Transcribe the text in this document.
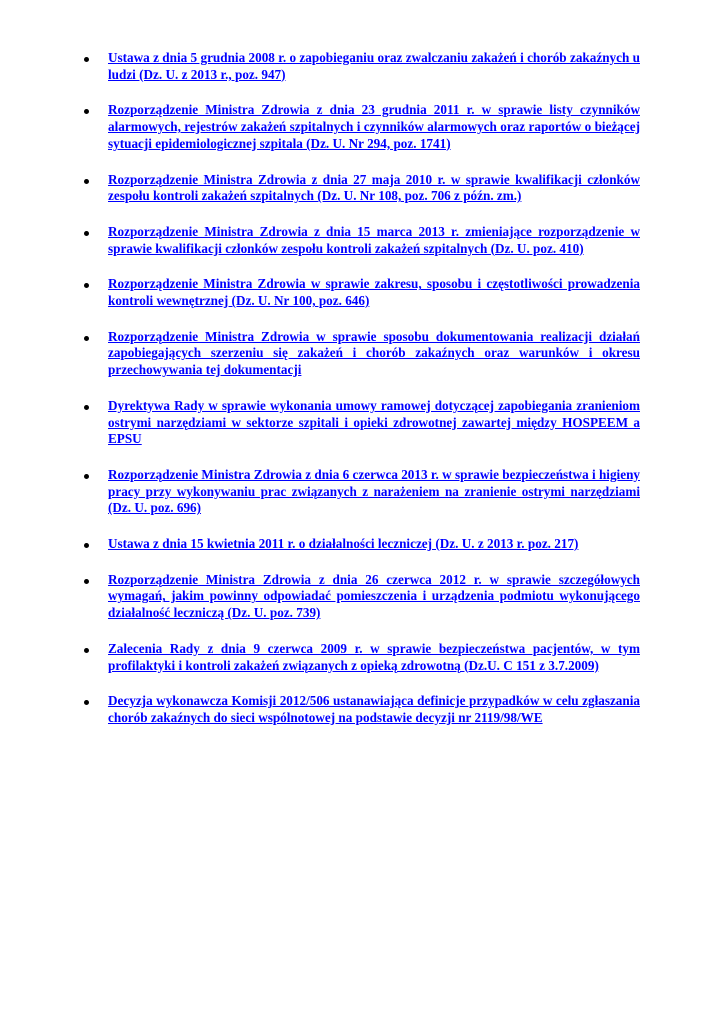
Ustawa z dnia 5 grudnia 2008 r. o zapobieganiu oraz zwalczaniu zakażeń i chorób zakaźnych u ludzi (Dz. U. z 2013 r., poz. 947)
Rozporządzenie Ministra Zdrowia z dnia 23 grudnia 2011 r. w sprawie listy czynników alarmowych, rejestrów zakażeń szpitalnych i czynników alarmowych oraz raportów o bieżącej sytuacji epidemiologicznej szpitala (Dz. U. Nr 294, poz. 1741)
Rozporządzenie Ministra Zdrowia z dnia 27 maja 2010 r. w sprawie kwalifikacji członków zespołu kontroli zakażeń szpitalnych (Dz. U. Nr 108, poz. 706 z późn. zm.)
Rozporządzenie Ministra Zdrowia z dnia 15 marca 2013 r. zmieniające rozporządzenie w sprawie kwalifikacji członków zespołu kontroli zakażeń szpitalnych (Dz. U. poz. 410)
Rozporządzenie Ministra Zdrowia w sprawie zakresu, sposobu i częstotliwości prowadzenia kontroli wewnętrznej (Dz. U. Nr 100, poz. 646)
Rozporządzenie Ministra Zdrowia w sprawie sposobu dokumentowania realizacji działań zapobiegających szerzeniu się zakażeń i chorób zakaźnych oraz warunków i okresu przechowywania tej dokumentacji
Dyrektywa Rady w sprawie wykonania umowy ramowej dotyczącej zapobiegania zranieniom ostrymi narzędziami w sektorze szpitali i opieki zdrowotnej zawartej między HOSPEEM a EPSU
Rozporządzenie Ministra Zdrowia z dnia 6 czerwca 2013 r. w sprawie bezpieczeństwa i higieny pracy przy wykonywaniu prac związanych z narażeniem na zranienie ostrymi narzędziami (Dz. U. poz. 696)
Ustawa z dnia 15 kwietnia 2011 r. o działalności leczniczej (Dz. U. z 2013 r. poz. 217)
Rozporządzenie Ministra Zdrowia z dnia 26 czerwca 2012 r. w sprawie szczegółowych wymagań, jakim powinny odpowiadać pomieszczenia i urządzenia podmiotu wykonującego działalność leczniczą (Dz. U. poz. 739)
Zalecenia Rady z dnia 9 czerwca 2009 r. w sprawie bezpieczeństwa pacjentów, w tym profilaktyki i kontroli zakażeń związanych z opieką zdrowotną (Dz.U. C 151 z 3.7.2009)
Decyzja wykonawcza Komisji 2012/506 ustanawiająca definicje przypadków w celu zgłaszania chorób zakaźnych do sieci wspólnotowej na podstawie decyzji nr 2119/98/WE
